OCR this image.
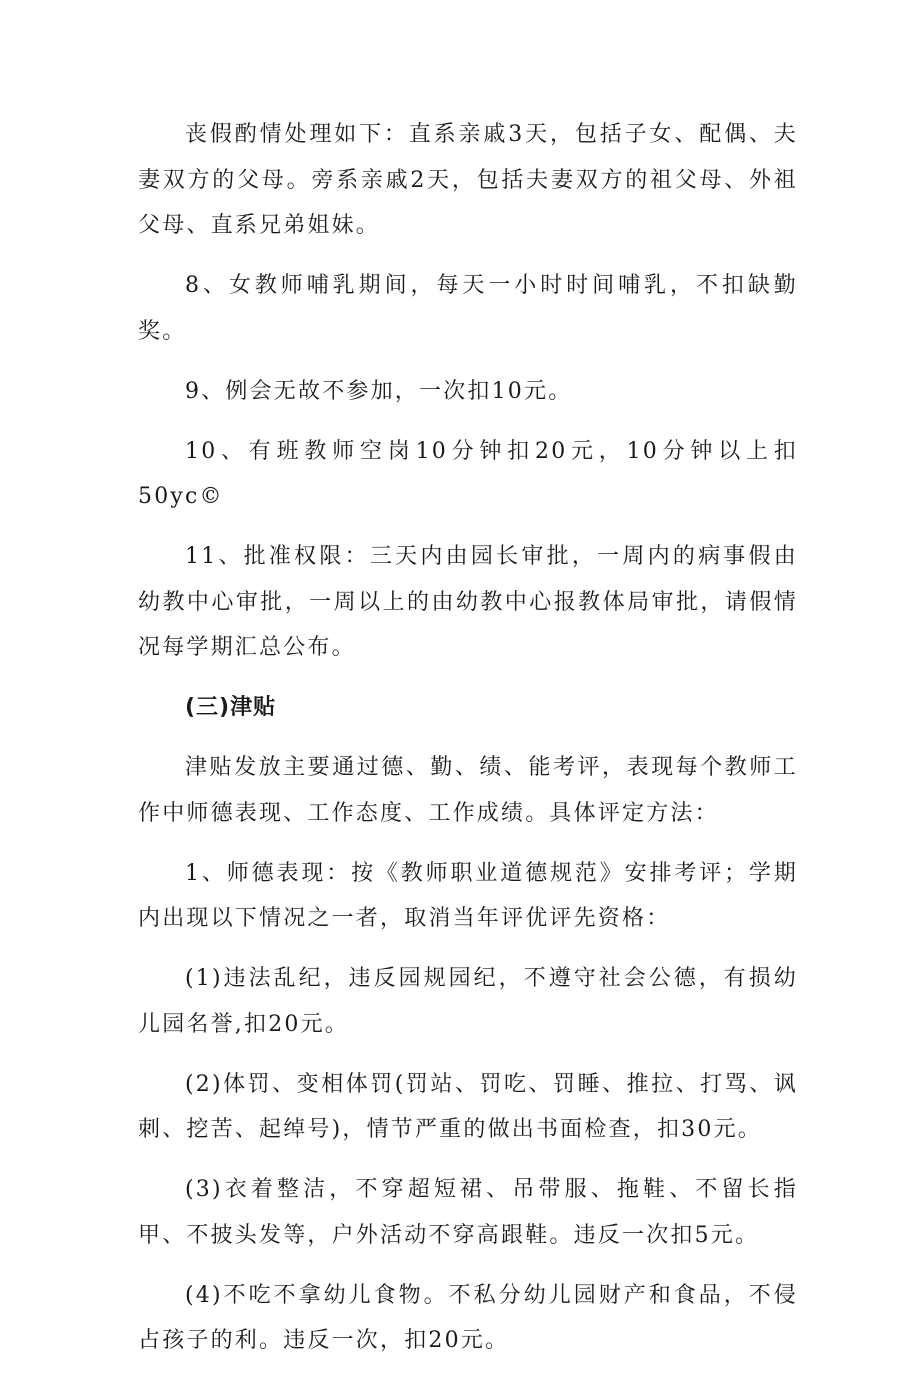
丧假酌情处理如下：直系亲戚3天，包括子女、配偶、夫妻双方的父母。旁系亲戚2天，包括夫妻双方的祖父母、外祖父母、直系兄弟姐妹。

8、女教师哺乳期间，每天一小时时间哺乳，不扣缺勤奖。

9、例会无故不参加，一次扣10元。

10、有班教师空岗10分钟扣20元，10分钟以上扣50yc©

11、批准权限：三天内由园长审批，一周内的病事假由幼教中心审批，一周以上的由幼教中心报教体局审批，请假情况每学期汇总公布。

(三)津贴

津贴发放主要通过德、勤、绩、能考评，表现每个教师工作中师德表现、工作态度、工作成绩。具体评定方法：

1、师德表现：按《教师职业道德规范》安排考评；学期内出现以下情况之一者，取消当年评优评先资格：

(1)违法乱纪，违反园规园纪，不遵守社会公德，有损幼儿园名誉,扣20元。

(2)体罚、变相体罚(罚站、罚吃、罚睡、推拉、打骂、讽刺、挖苦、起绰号)，情节严重的做出书面检查，扣30元。

(3)衣着整洁，不穿超短裙、吊带服、拖鞋、不留长指甲、不披头发等，户外活动不穿高跟鞋。违反一次扣5元。

(4)不吃不拿幼儿食物。不私分幼儿园财产和食品，不侵占孩子的利。违反一次，扣20元。
